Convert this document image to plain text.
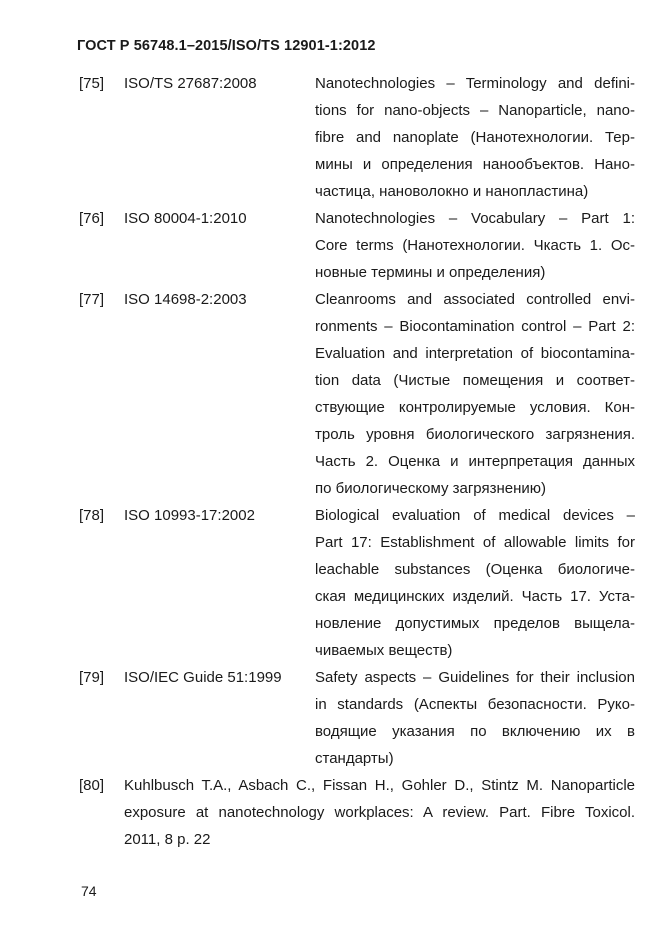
ГОСТ Р 56748.1–2015/ISO/TS 12901-1:2012
[75] ISO/TS 27687:2008	Nanotechnologies – Terminology and defini-
tions for nano-objects – Nanoparticle, nano-
fibre and nanoplate (Нанотехнологии. Тер-
мины и определения нанообъектов. Нано-
частица, нановолокно и нанопластина)
[76] ISO 80004-1:2010	Nanotechnologies – Vocabulary – Part 1:
Core terms (Нанотехнологии. Чкасть 1. Ос-
новные термины и определения)
[77] ISO 14698-2:2003	Cleanrooms and associated controlled envi-
ronments – Biocontamination control – Part 2:
Evaluation and interpretation of biocontamina-
tion data (Чистые помещения и соответ-
ствующие контролируемые условия. Кон-
троль уровня биологического загрязнения.
Часть 2. Оценка и интерпретация данных
по биологическому загрязнению)
[78] ISO 10993-17:2002	Biological evaluation of medical devices –
Part 17: Establishment of allowable limits for
leachable substances (Оценка биологиче-
ская медицинских изделий. Часть 17. Уста-
новление допустимых пределов выщела-
чиваемых веществ)
[79] ISO/IEC Guide 51:1999 Safety aspects – Guidelines for their inclusion
in standards (Аспекты безопасности. Руко-
водящие указания по включению их в
стандарты)
[80] Kuhlbusch T.A., Asbach C., Fissan H., Gohler D., Stintz M. Nanoparticle
exposure at nanotechnology workplaces: A review. Part. Fibre Toxicol.
2011, 8 p. 22
74
